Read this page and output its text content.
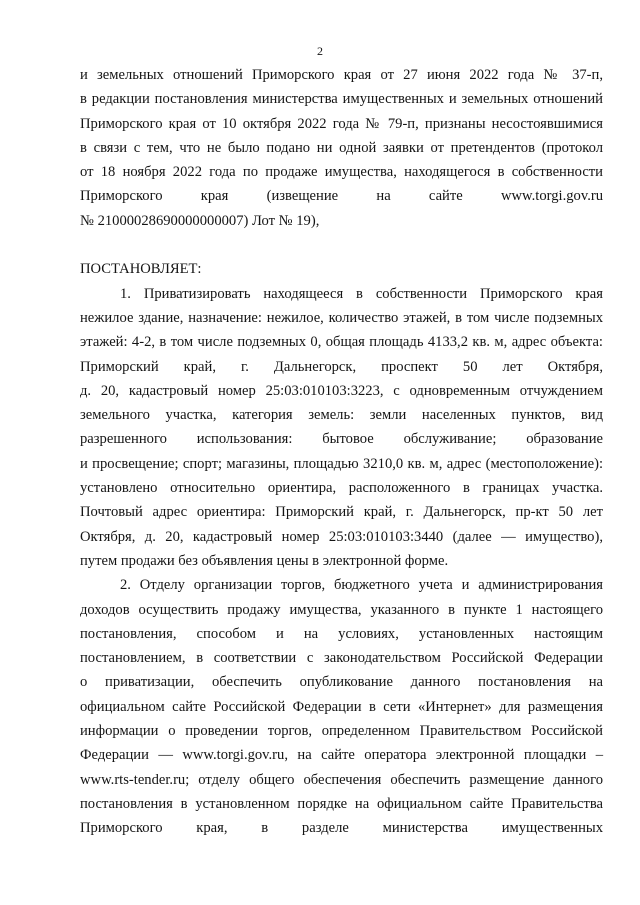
2
и земельных отношений Приморского края от 27 июня 2022 года № 37-п,
в редакции постановления министерства имущественных и земельных отношений
Приморского края от 10 октября 2022 года № 79-п, признаны несостоявшимися
в связи с тем, что не было подано ни одной заявки от претендентов (протокол
от 18 ноября 2022 года по продаже имущества, находящегося в собственности
Приморского края (извещение на сайте www.torgi.gov.ru
№ 21000028690000000007) Лот № 19),
ПОСТАНОВЛЯЕТ:
1. Приватизировать находящееся в собственности Приморского края
нежилое здание, назначение: нежилое, количество этажей, в том числе подземных
этажей: 4-2, в том числе подземных 0, общая площадь 4133,2 кв. м, адрес объекта:
Приморский край, г. Дальнегорск, проспект 50 лет Октября,
д. 20, кадастровый номер 25:03:010103:3223, с одновременным отчуждением
земельного участка, категория земель: земли населенных пунктов, вид
разрешенного использования: бытовое обслуживание; образование
и просвещение; спорт; магазины, площадью 3210,0 кв. м, адрес (местоположение):
установлено относительно ориентира, расположенного в границах участка.
Почтовый адрес ориентира: Приморский край, г. Дальнегорск, пр-кт 50 лет
Октября, д. 20, кадастровый номер 25:03:010103:3440 (далее — имущество),
путем продажи без объявления цены в электронной форме.
2. Отделу организации торгов, бюджетного учета и администрирования
доходов осуществить продажу имущества, указанного в пункте 1 настоящего
постановления, способом и на условиях, установленных настоящим
постановлением, в соответствии с законодательством Российской Федерации
о приватизации, обеспечить опубликование данного постановления на
официальном сайте Российской Федерации в сети «Интернет» для размещения
информации о проведении торгов, определенном Правительством Российской
Федерации — www.torgi.gov.ru, на сайте оператора электронной площадки –
www.rts-tender.ru; отделу общего обеспечения обеспечить размещение данного
постановления в установленном порядке на официальном сайте Правительства
Приморского края, в разделе министерства имущественных
